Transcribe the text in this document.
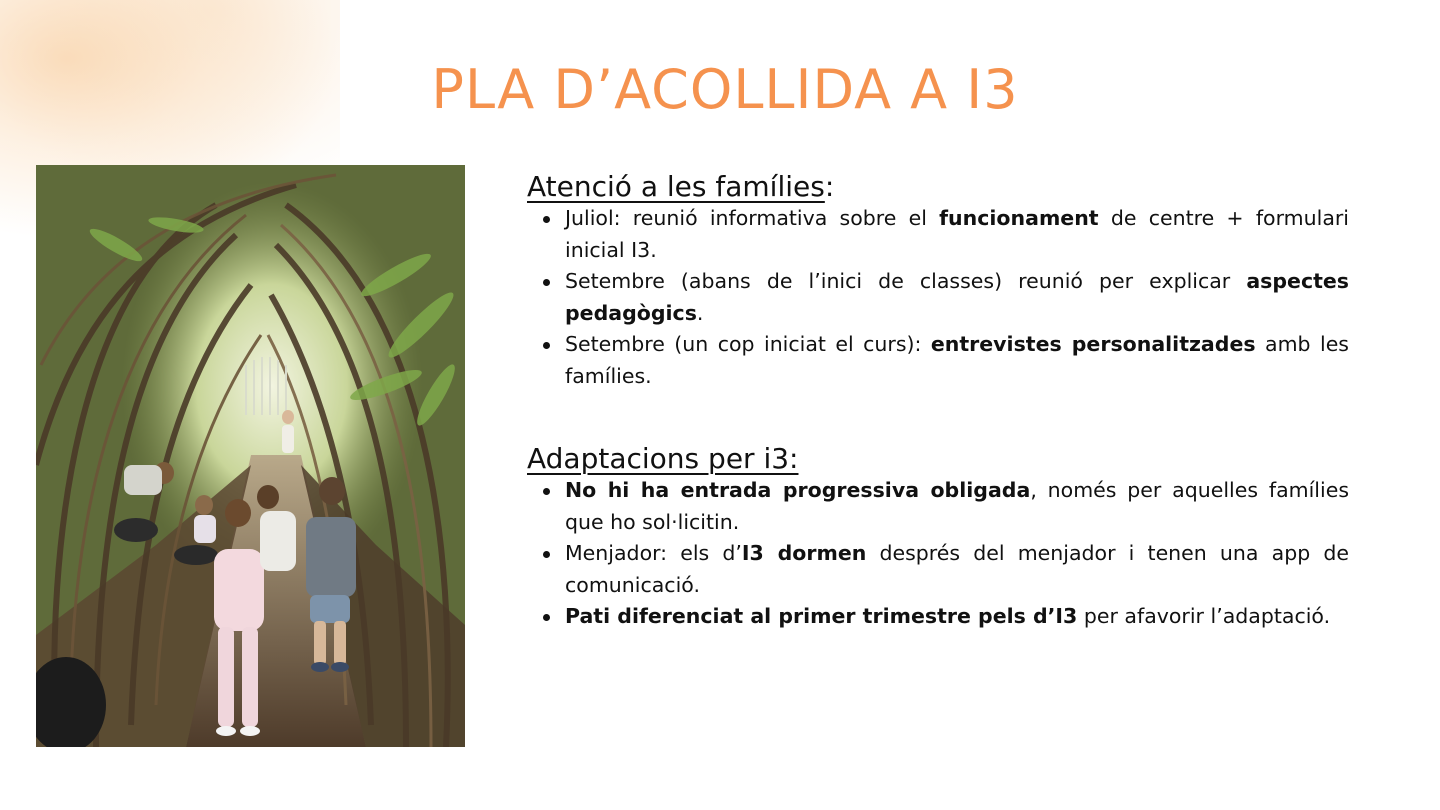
PLA D’ACOLLIDA A I3
Atenció a les famílies:
Juliol: reunió informativa sobre el funcionament de centre + formulari inicial I3.
Setembre (abans de l’inici de classes) reunió per explicar aspectes pedagògics.
Setembre (un cop iniciat el curs): entrevistes personalitzades amb les famílies.
Adaptacions per i3:
No hi ha entrada progressiva obligada, només per aquelles famílies que ho sol·licitin.
Menjador: els d’I3 dormen després del menjador i tenen una app de comunicació.
Pati diferenciat al primer trimestre pels d’I3 per afavorir l’adaptació.
